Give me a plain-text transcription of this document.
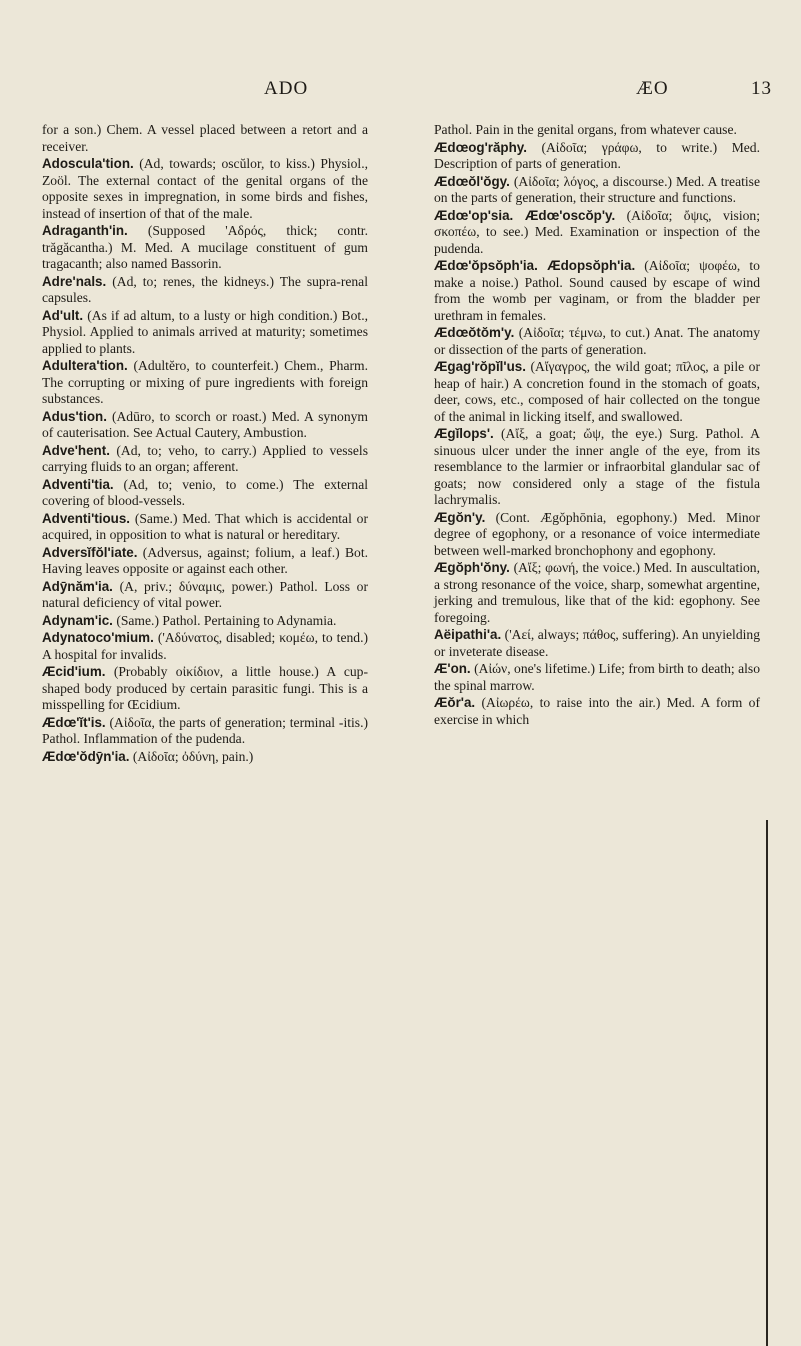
ADO	ÆO	13

for a son.) Chem. A vessel placed between a retort and a receiver.

Adoscula'tion. (Ad, towards; oscŭlor, to kiss.) Physiol., Zoöl. The external contact of the genital organs of the opposite sexes in impregnation, in some birds and fishes, instead of insertion of that of the male.

Adraganth'in. (Supposed 'Αδρός, thick; contr. trăgăcantha.) M. Med. A mucilage constituent of gum tragacanth; also named Bassorin.

Adre'nals. (Ad, to; renes, the kidneys.) The supra-renal capsules.

Ad'ult. (As if ad altum, to a lusty or high condition.) Bot., Physiol. Applied to animals arrived at maturity; sometimes applied to plants.

Adultera'tion. (Adultĕro, to counterfeit.) Chem., Pharm. The corrupting or mixing of pure ingredients with foreign substances.

Adus'tion. (Adūro, to scorch or roast.) Med. A synonym of cauterisation. See Actual Cautery, Ambustion.

Adve'hent. (Ad, to; veho, to carry.) Applied to vessels carrying fluids to an organ; afferent.

Adventi'tia. (Ad, to; venio, to come.) The external covering of blood-vessels.

Adventi'tious. (Same.) Med. That which is accidental or acquired, in opposition to what is natural or hereditary.

Adversĭfŏl'iate. (Adversus, against; folium, a leaf.) Bot. Having leaves opposite or against each other.

Adȳnăm'ia. (A, priv.; δύναμις, power.) Pathol. Loss or natural deficiency of vital power.

Adynam'ic. (Same.) Pathol. Pertaining to Adynamia.

Adynatoco'mium. ('Αδύνατος, disabled; κομέω, to tend.) A hospital for invalids.

Æcid'ium. (Probably οἰκίδιον, a little house.) A cup-shaped body produced by certain parasitic fungi. This is a misspelling for Œcidium.

Ædœ'ĭt'is. (Αἰδοῖα, the parts of generation; terminal -itis.) Pathol. Inflammation of the pudenda.

Ædœ'ŏdȳn'ia. (Αἰδοῖα; ὀδύνη, pain.)

Pathol. Pain in the genital organs, from whatever cause.

Ædœog'răphy. (Αἰδοῖα; γράφω, to write.) Med. Description of parts of generation.

Ædœŏl'ŏgy. (Αἰδοῖα; λόγος, a discourse.) Med. A treatise on the parts of generation, their structure and functions.

Ædœ'op'sia. Ædœ'oscŏp'y. (Αἰδοῖα; ὄψις, vision; σκοπέω, to see.) Med. Examination or inspection of the pudenda.

Ædœ'ŏpsŏph'ia. Ædopsŏph'ia. (Αἰδοῖα; ψοφέω, to make a noise.) Pathol. Sound caused by escape of wind from the womb per vaginam, or from the bladder per urethram in females.

Ædœŏtŏm'y. (Αἰδοῖα; τέμνω, to cut.) Anat. The anatomy or dissection of the parts of generation.

Ægag'rŏpĭl'us. (Αἴγαγρος, the wild goat; πῖλος, a pile or heap of hair.) A concretion found in the stomach of goats, deer, cows, etc., composed of hair collected on the tongue of the animal in licking itself, and swallowed.

Ægĭlops'. (Αἴξ, a goat; ὤψ, the eye.) Surg. Pathol. A sinuous ulcer under the inner angle of the eye, from its resemblance to the larmier or infraorbital glandular sac of goats; now considered only a stage of the fistula lachrymalis.

Ægŏn'y. (Cont. Ægŏphōnia, egophony.) Med. Minor degree of egophony, or a resonance of voice intermediate between well-marked bronchophony and egophony.

Ægŏph'ŏny. (Αἴξ; φωνή, the voice.) Med. In auscultation, a strong resonance of the voice, sharp, somewhat argentine, jerking and tremulous, like that of the kid: egophony. See foregoing.

Aëipathi'a. ('Αεί, always; πάθος, suffering). An unyielding or inveterate disease.

Æ'on. (Αἰών, one's lifetime.) Life; from birth to death; also the spinal marrow.

Æŏr'a. (Αἰωρέω, to raise into the air.) Med. A form of exercise in which
